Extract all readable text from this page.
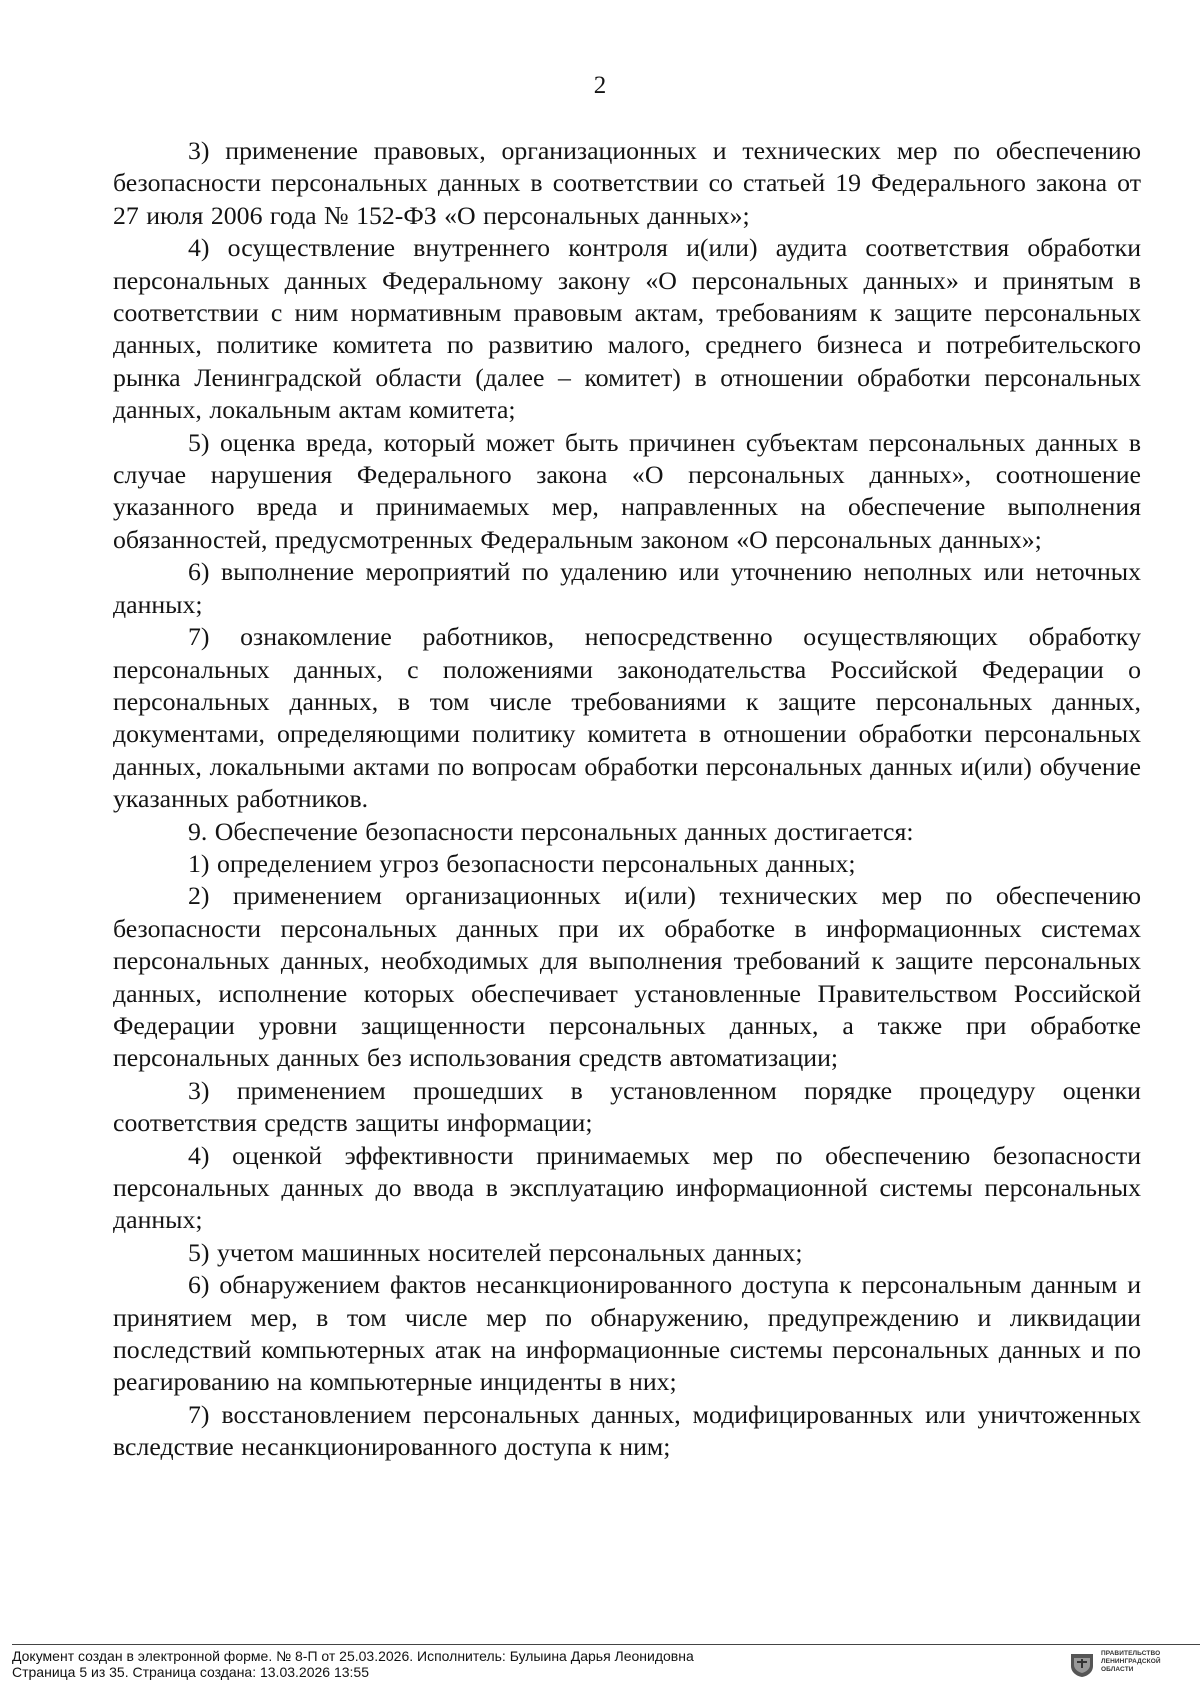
2

3) применение правовых, организационных и технических мер по обеспечению безопасности персональных данных в соответствии со статьей 19 Федерального закона от 27 июля 2006 года № 152-ФЗ «О персональных данных»;

4) осуществление внутреннего контроля и(или) аудита соответствия обработки персональных данных Федеральному закону «О персональных данных» и принятым в соответствии с ним нормативным правовым актам, требованиям к защите персональных данных, политике комитета по развитию малого, среднего бизнеса и потребительского рынка Ленинградской области (далее – комитет) в отношении обработки персональных данных, локальным актам комитета;

5) оценка вреда, который может быть причинен субъектам персональных данных в случае нарушения Федерального закона «О персональных данных», соотношение указанного вреда и принимаемых мер, направленных на обеспечение выполнения обязанностей, предусмотренных Федеральным законом «О персональных данных»;

6) выполнение мероприятий по удалению или уточнению неполных или неточных данных;

7) ознакомление работников, непосредственно осуществляющих обработку персональных данных, с положениями законодательства Российской Федерации о персональных данных, в том числе требованиями к защите персональных данных, документами, определяющими политику комитета в отношении обработки персональных данных, локальными актами по вопросам обработки персональных данных и(или) обучение указанных работников.

9. Обеспечение безопасности персональных данных достигается:

1) определением угроз безопасности персональных данных;

2) применением организационных и(или) технических мер по обеспечению безопасности персональных данных при их обработке в информационных системах персональных данных, необходимых для выполнения требований к защите персональных данных, исполнение которых обеспечивает установленные Правительством Российской Федерации уровни защищенности персональных данных, а также при обработке персональных данных без использования средств автоматизации;

3) применением прошедших в установленном порядке процедуру оценки соответствия средств защиты информации;

4) оценкой эффективности принимаемых мер по обеспечению безопасности персональных данных до ввода в эксплуатацию информационной системы персональных данных;

5) учетом машинных носителей персональных данных;

6) обнаружением фактов несанкционированного доступа к персональным данным и принятием мер, в том числе мер по обнаружению, предупреждению и ликвидации последствий компьютерных атак на информационные системы персональных данных и по реагированию на компьютерные инциденты в них;

7) восстановлением персональных данных, модифицированных или уничтоженных вследствие несанкционированного доступа к ним;

Документ создан в электронной форме. № 8-П от 25.03.2026. Исполнитель: Булыина Дарья Леонидовна
Страница 5 из 35. Страница создана: 13.03.2026 13:55
ПРАВИТЕЛЬСТВО
ЛЕНИНГРАДСКОЙ
ОБЛАСТИ
